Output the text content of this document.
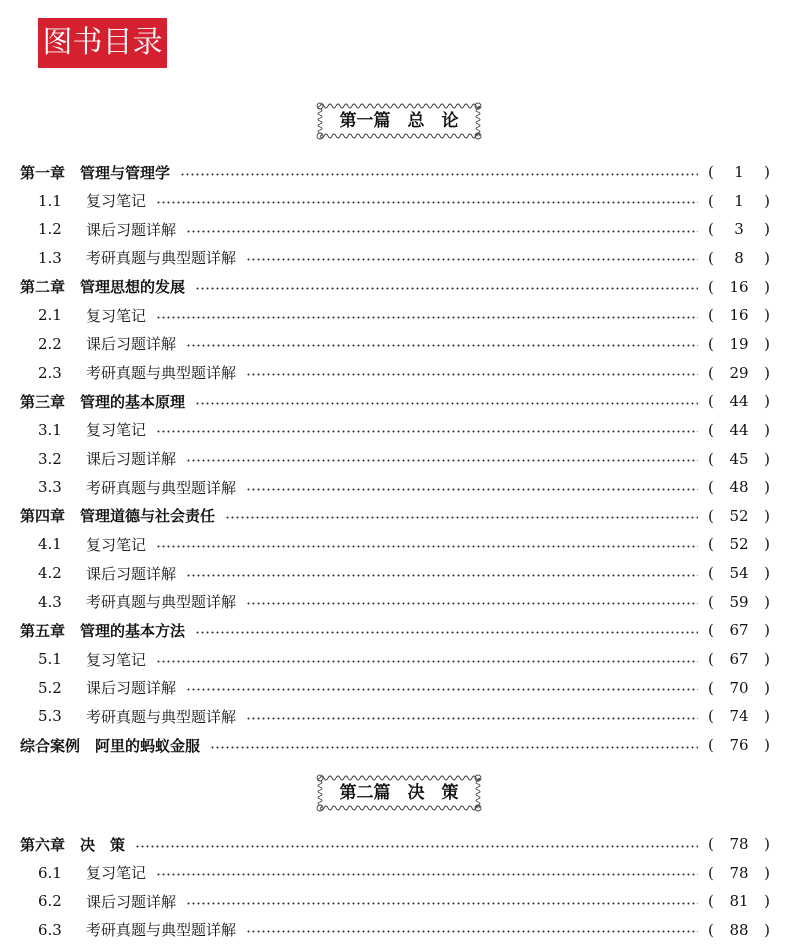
图书目录
第一篇　总　论
第一章　管理与管理学	( 1 )
1.1	复习笔记	( 1 )
1.2	课后习题详解	( 3 )
1.3	考研真题与典型题详解	( 8 )
第二章　管理思想的发展	( 16 )
2.1	复习笔记	( 16 )
2.2	课后习题详解	( 19 )
2.3	考研真题与典型题详解	( 29 )
第三章　管理的基本原理	( 44 )
3.1	复习笔记	( 44 )
3.2	课后习题详解	( 45 )
3.3	考研真题与典型题详解	( 48 )
第四章　管理道德与社会责任	( 52 )
4.1	复习笔记	( 52 )
4.2	课后习题详解	( 54 )
4.3	考研真题与典型题详解	( 59 )
第五章　管理的基本方法	( 67 )
5.1	复习笔记	( 67 )
5.2	课后习题详解	( 70 )
5.3	考研真题与典型题详解	( 74 )
综合案例　阿里的蚂蚁金服	( 76 )
第二篇　决　策
第六章　决　策	( 78 )
6.1	复习笔记	( 78 )
6.2	课后习题详解	( 81 )
6.3	考研真题与典型题详解	( 88 )
